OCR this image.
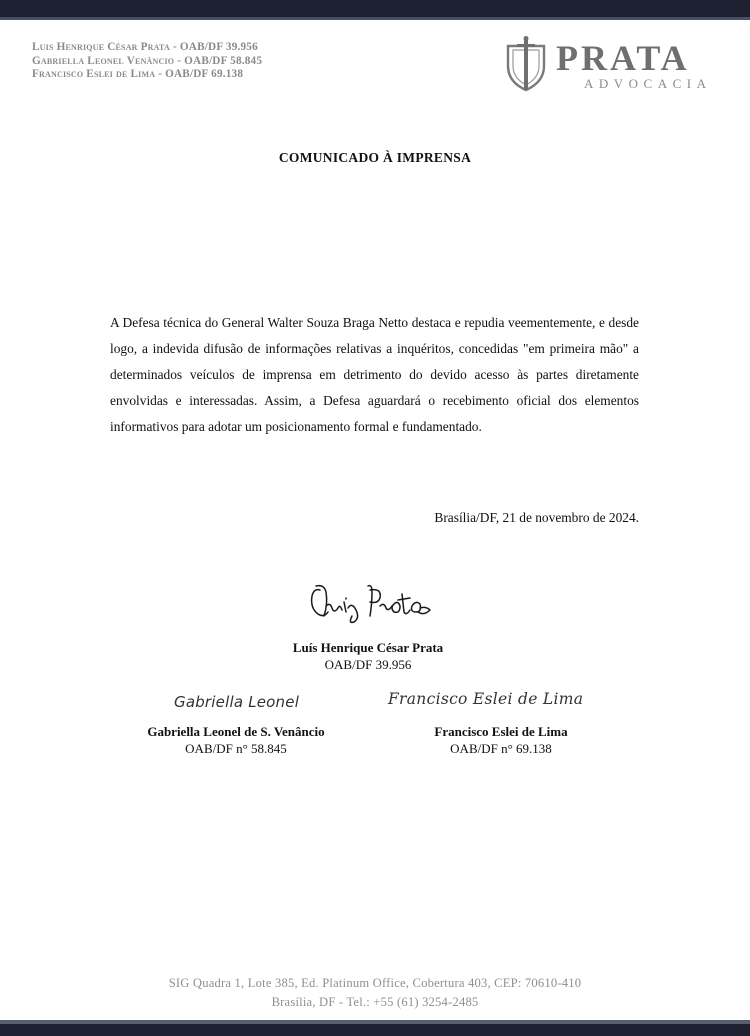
Luis Henrique César Prata - OAB/DF 39.956
Gabriella Leonel Venâncio - OAB/DF 58.845
Francisco Eslei de Lima - OAB/DF 69.138	PRATA
ADVOCACIA
COMUNICADO À IMPRENSA
A Defesa técnica do General Walter Souza Braga Netto destaca e repudia veementemente, e desde logo, a indevida difusão de informações relativas a inquéritos, concedidas "em primeira mão" a determinados veículos de imprensa em detrimento do devido acesso às partes diretamente envolvidas e interessadas. Assim, a Defesa aguardará o recebimento oficial dos elementos informativos para adotar um posicionamento formal e fundamentado.
Brasília/DF, 21 de novembro de 2024.
Luís Henrique César Prata
OAB/DF 39.956
Gabriella Leonel
Gabriella Leonel de S. Venâncio
OAB/DF n° 58.845
Francisco Eslei de Lima
Francisco Eslei de Lima
OAB/DF n° 69.138
SIG Quadra 1, Lote 385, Ed. Platinum Office, Cobertura 403, CEP: 70610-410
Brasília, DF - Tel.: +55 (61) 3254-2485
